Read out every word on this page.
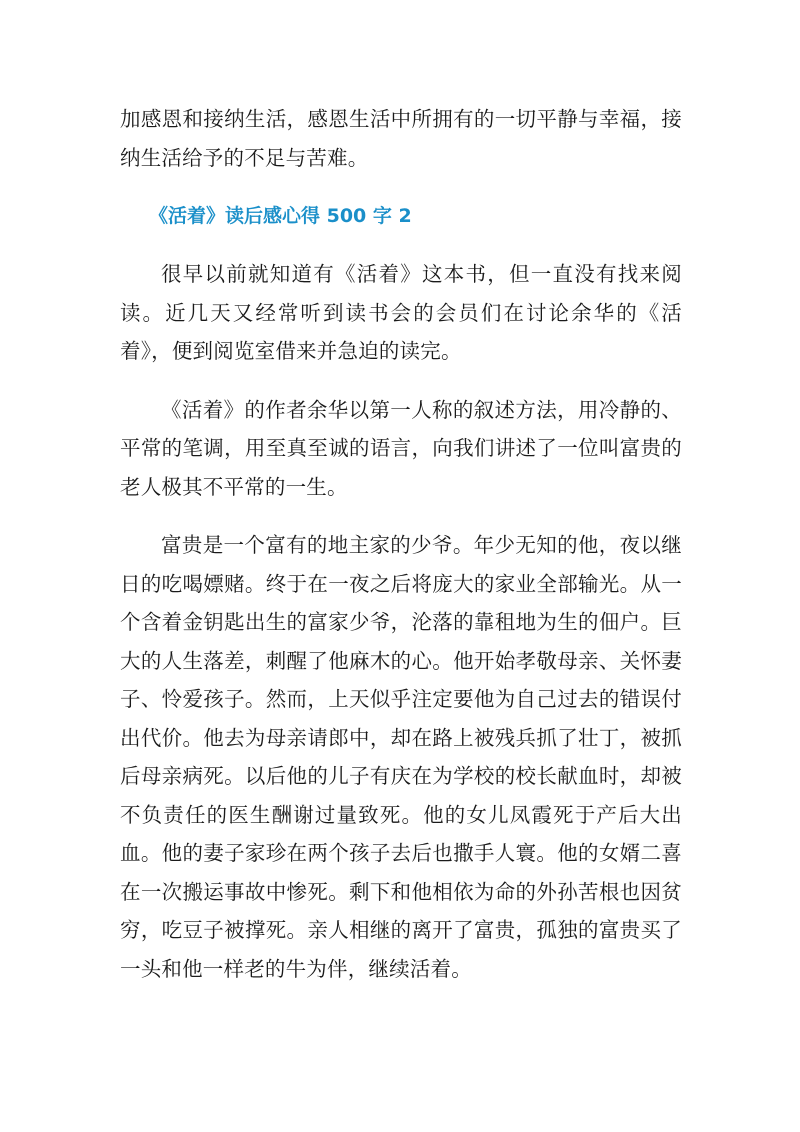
加感恩和接纳生活，感恩生活中所拥有的一切平静与幸福，接纳生活给予的不足与苦难。

《活着》读后感心得 500 字 2

很早以前就知道有《活着》这本书，但一直没有找来阅读。近几天又经常听到读书会的会员们在讨论余华的《活着》，便到阅览室借来并急迫的读完。

《活着》的作者余华以第一人称的叙述方法，用冷静的、平常的笔调，用至真至诚的语言，向我们讲述了一位叫富贵的老人极其不平常的一生。

富贵是一个富有的地主家的少爷。年少无知的他，夜以继日的吃喝嫖赌。终于在一夜之后将庞大的家业全部输光。从一个含着金钥匙出生的富家少爷，沦落的靠租地为生的佃户。巨大的人生落差，刺醒了他麻木的心。他开始孝敬母亲、关怀妻子、怜爱孩子。然而，上天似乎注定要他为自己过去的错误付出代价。他去为母亲请郎中，却在路上被残兵抓了壮丁，被抓后母亲病死。以后他的儿子有庆在为学校的校长献血时，却被不负责任的医生酬谢过量致死。他的女儿凤霞死于产后大出血。他的妻子家珍在两个孩子去后也撒手人寰。他的女婿二喜在一次搬运事故中惨死。剩下和他相依为命的外孙苦根也因贫穷，吃豆子被撑死。亲人相继的离开了富贵，孤独的富贵买了一头和他一样老的牛为伴，继续活着。
